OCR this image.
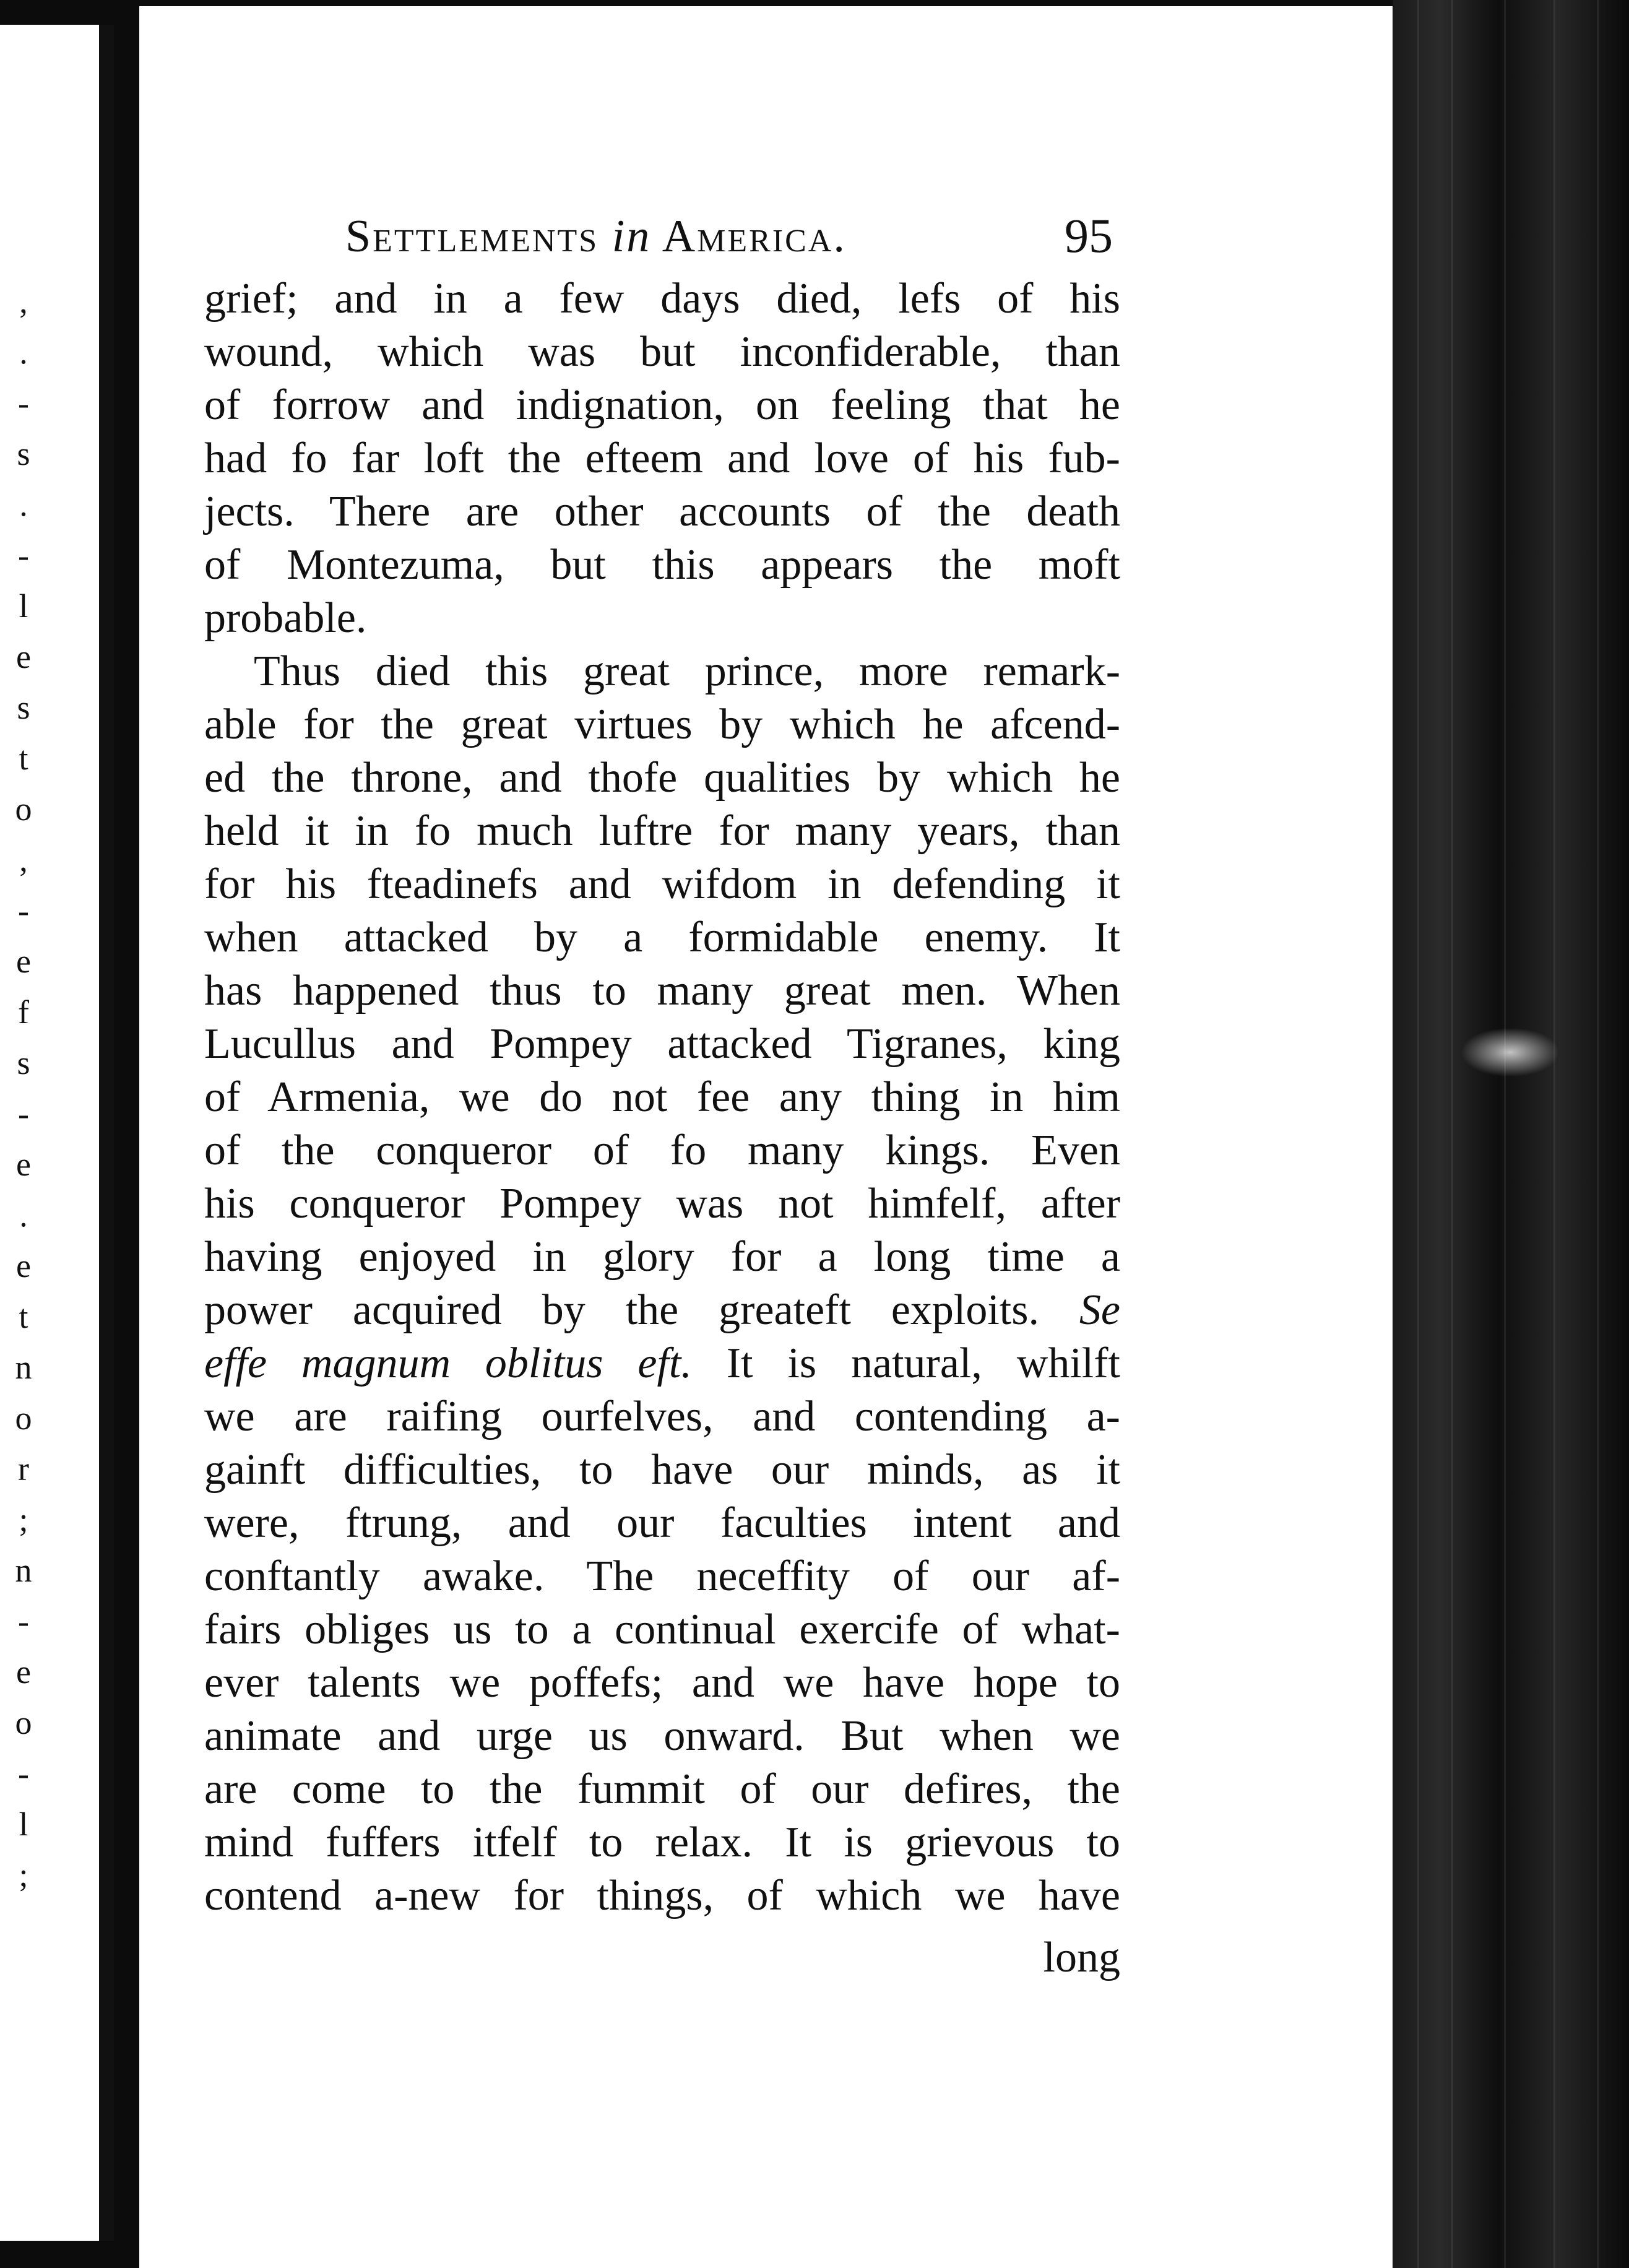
,
.
-
s
.
-
l
e
s
t
o
,
-
e
f
s
-
e
.
e
t
n
o
r
;
n
-
e
o
-
l
;
Settlements in America.	95
grief; and in a few days died, lefs of his
wound, which was but inconfiderable, than
of forrow and indignation, on feeling that he
had fo far loft the efteem and love of his fub-
jects. There are other accounts of the death
of Montezuma, but this appears the moft
probable.
Thus died this great prince, more remark-
able for the great virtues by which he afcend-
ed the throne, and thofe qualities by which he
held it in fo much luftre for many years, than
for his fteadinefs and wifdom in defending it
when attacked by a formidable enemy. It
has happened thus to many great men. When
Lucullus and Pompey attacked Tigranes, king
of Armenia, we do not fee any thing in him
of the conqueror of fo many kings. Even
his conqueror Pompey was not himfelf, after
having enjoyed in glory for a long time a
power acquired by the greateft exploits. Se
effe magnum oblitus eft. It is natural, whilft
we are raifing ourfelves, and contending a-
gainft difficulties, to have our minds, as it
were, ftrung, and our faculties intent and
conftantly awake. The neceffity of our af-
fairs obliges us to a continual exercife of what-
ever talents we poffefs; and we have hope to
animate and urge us onward. But when we
are come to the fummit of our defires, the
mind fuffers itfelf to relax. It is grievous to
contend a-new for things, of which we have
long
